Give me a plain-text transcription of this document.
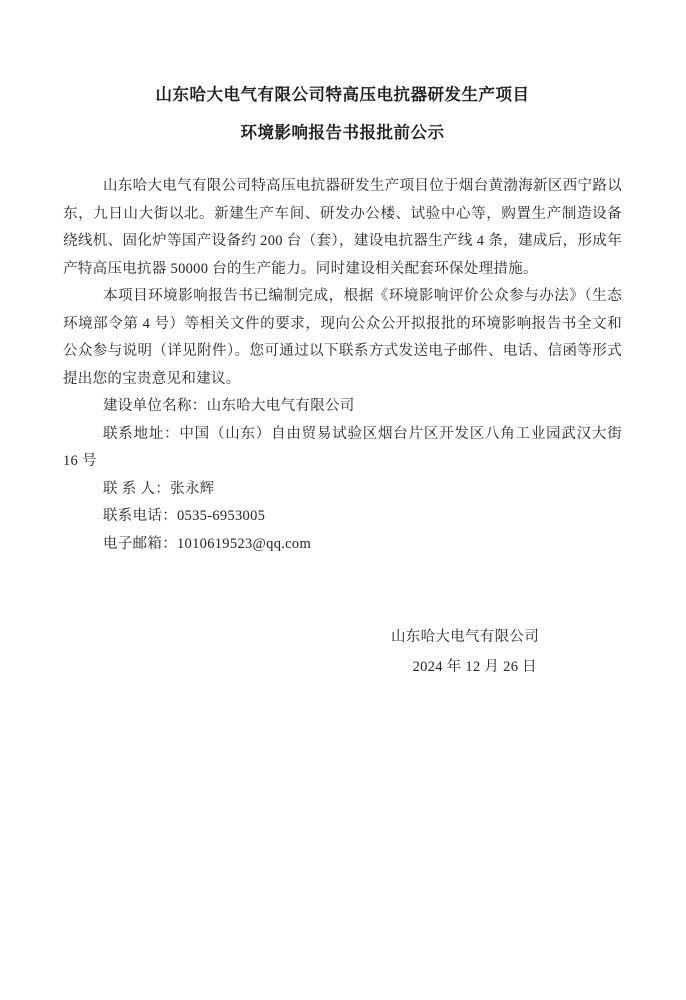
山东哈大电气有限公司特高压电抗器研发生产项目
环境影响报告书报批前公示

山东哈大电气有限公司特高压电抗器研发生产项目位于烟台黄渤海新区西宁路以东，九日山大街以北。新建生产车间、研发办公楼、试验中心等，购置生产制造设备绕线机、固化炉等国产设备约 200 台（套），建设电抗器生产线 4 条，建成后，形成年产特高压电抗器 50000 台的生产能力。同时建设相关配套环保处理措施。

本项目环境影响报告书已编制完成，根据《环境影响评价公众参与办法》（生态环境部令第 4 号）等相关文件的要求，现向公众公开拟报批的环境影响报告书全文和公众参与说明（详见附件）。您可通过以下联系方式发送电子邮件、电话、信函等形式提出您的宝贵意见和建议。

建设单位名称：山东哈大电气有限公司
联系地址：中国（山东）自由贸易试验区烟台片区开发区八角工业园武汉大街 16 号
联 系 人：张永辉
联系电话：0535-6953005
电子邮箱：1010619523@qq.com
山东哈大电气有限公司
2024 年 12 月 26 日
